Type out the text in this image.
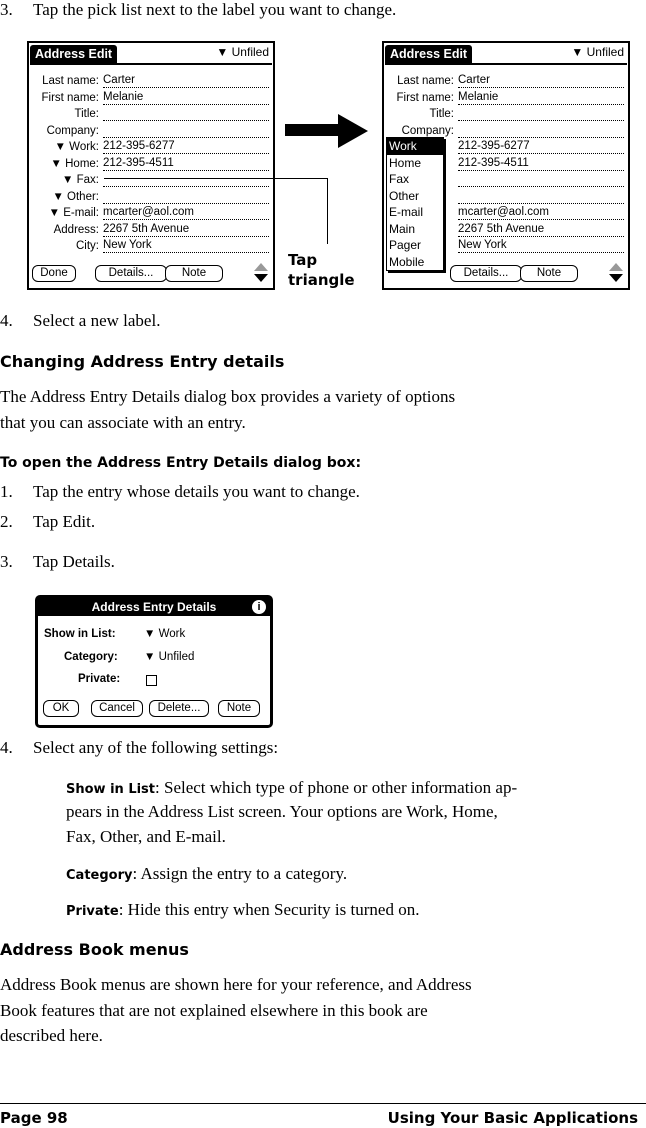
3. Tap the pick list next to the label you want to change.
Address Edit	▼ Unfiled
Last name: Carter
First name: Melanie
Title:
Company:
▼ Work: 212-395-6277
▼ Home: 212-395-4511
▼ Fax:
▼ Other:
▼ E-mail: mcarter@aol.com
Address: 2267 5th Avenue
City: New York
Done	Details...	Note
Tap triangle
Address Edit	▼ Unfiled
Last name: Carter
First name: Melanie
Title:
Company:
212-395-6277
212-395-4511
mcarter@aol.com
2267 5th Avenue
New York
Details...	Note
Work
Home
Fax
Other
E-mail
Main
Pager
Mobile
4. Select a new label.
Changing Address Entry details
The Address Entry Details dialog box provides a variety of options
that you can associate with an entry.
To open the Address Entry Details dialog box:
1. Tap the entry whose details you want to change.
2. Tap Edit.
3. Tap Details.
Address Entry Details	i
Show in List: ▼ Work
Category: ▼ Unfiled
Private:
OK	Cancel	Delete...	Note
4. Select any of the following settings:
Show in List: Select which type of phone or other information ap-
pears in the Address List screen. Your options are Work, Home,
Fax, Other, and E-mail.
Category: Assign the entry to a category.
Private: Hide this entry when Security is turned on.
Address Book menus
Address Book menus are shown here for your reference, and Address
Book features that are not explained elsewhere in this book are
described here.
Page 98	Using Your Basic Applications
